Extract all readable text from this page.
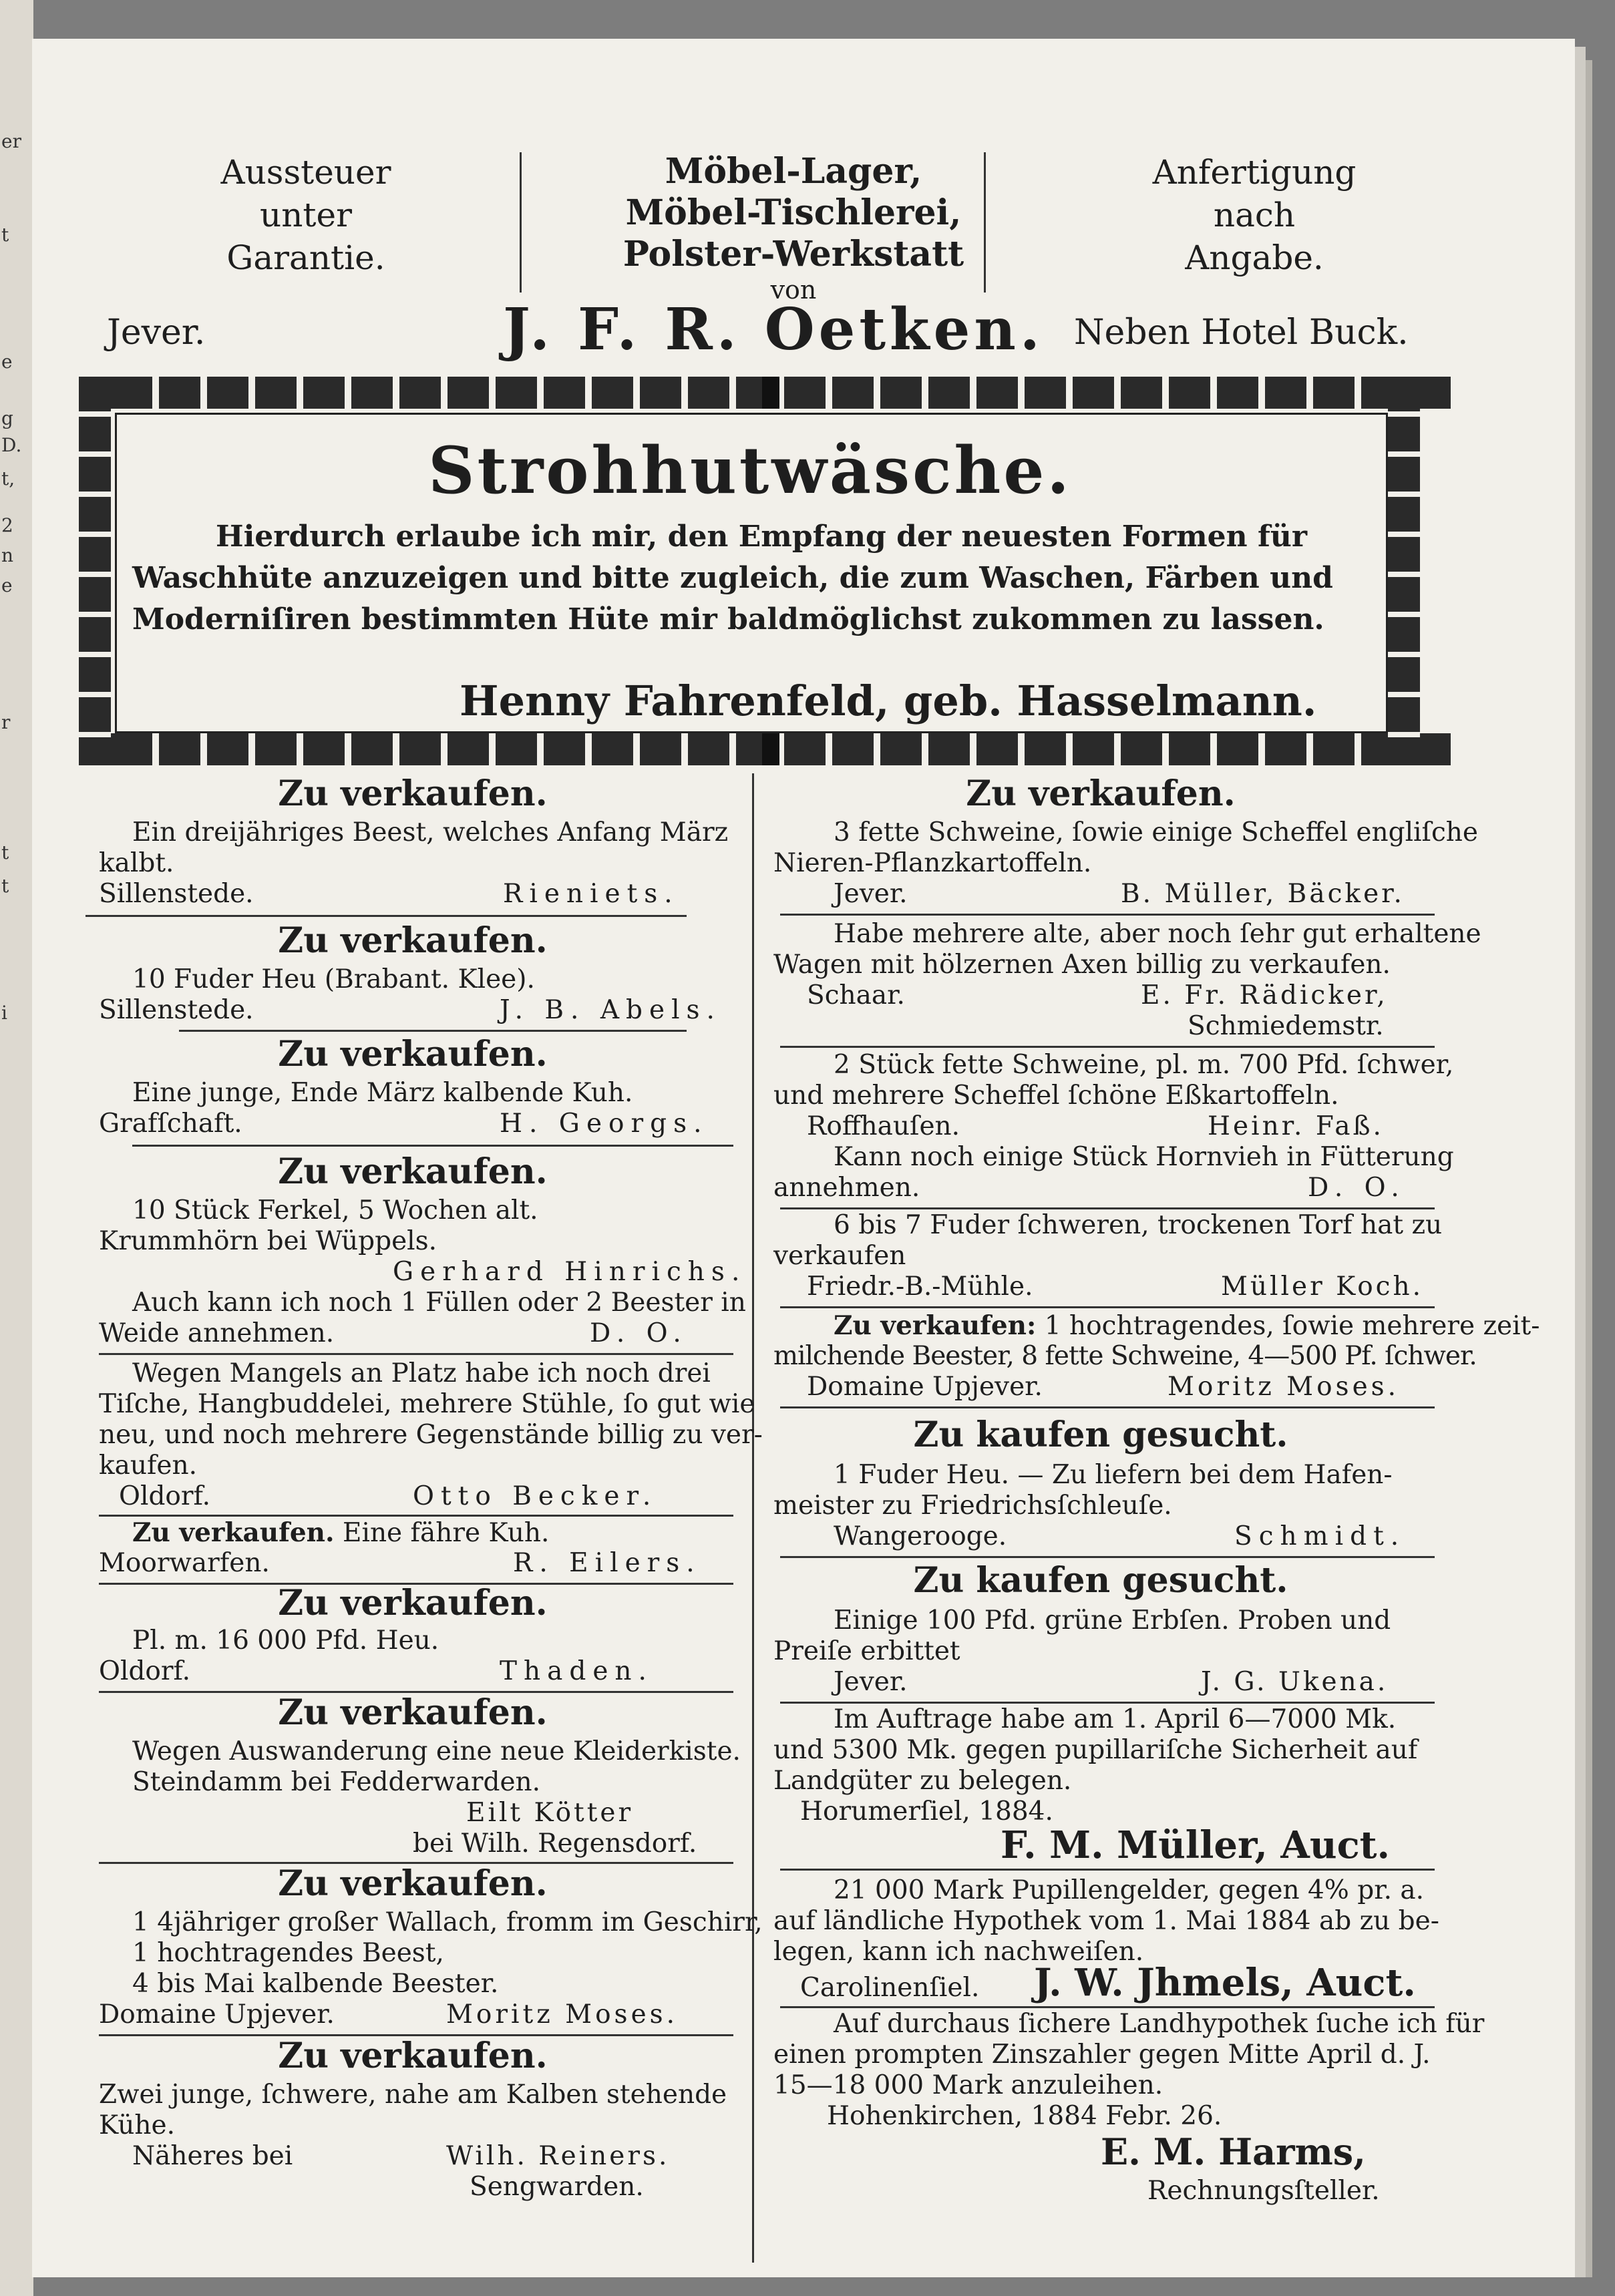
er
t
e
g
D.
t,
2
n
e
r
t
t
i
Aussteuer
unter
Garantie.
Möbel-Lager,
Möbel-Tischlerei,
Polster-Werkstatt
von
Anfertigung
nach
Angabe.
Jever.	J. F. R. Oetken. Neben Hotel Buck.
Strohhutwäsche.
Hierdurch erlaube ich mir, den Empfang der neuesten Formen für
Waschhüte anzuzeigen und bitte zugleich, die zum Waschen, Färben und
Moderniſiren bestimmten Hüte mir baldmöglichst zukommen zu lassen.
Henny Fahrenfeld, geb. Hasselmann.
Zu verkaufen.
Ein dreijähriges Beest, welches Anfang März
kalbt.
Sillenstede.	Rieniets.
Zu verkaufen.
10 Fuder Heu (Brabant. Klee).
Sillenstede.	J. B. Abels.
Zu verkaufen.
Eine junge, Ende März kalbende Kuh.
Grafſchaft.	H. Georgs.
Zu verkaufen.
10 Stück Ferkel, 5 Wochen alt.
Krummhörn bei Wüppels.
Gerhard Hinrichs.
Auch kann ich noch 1 Füllen oder 2 Beester in
Weide annehmen.	D. O.
Wegen Mangels an Platz habe ich noch drei
Tiſche, Hangbuddelei, mehrere Stühle, ſo gut wie
neu, und noch mehrere Gegenstände billig zu ver-
kaufen.
Oldorf.	Otto Becker.
Zu verkaufen. Eine fähre Kuh.
Moorwarfen.	R. Eilers.
Zu verkaufen.
Pl. m. 16 000 Pfd. Heu.
Oldorf.	Thaden.
Zu verkaufen.
Wegen Auswanderung eine neue Kleiderkiste.
Steindamm bei Fedderwarden.
Eilt Kötter
bei Wilh. Regensdorf.
Zu verkaufen.
1 4jähriger großer Wallach, fromm im Geschirr,
1 hochtragendes Beest,
4 bis Mai kalbende Beester.
Domaine Upjever.	Moritz Moses.
Zu verkaufen.
Zwei junge, ſchwere, nahe am Kalben stehende
Kühe.
Näheres bei	Wilh. Reiners.
Sengwarden.
Zu verkaufen.
3 fette Schweine, ſowie einige Scheffel engliſche
Nieren-Pflanzkartoffeln.
Jever.	B. Müller, Bäcker.
Habe mehrere alte, aber noch ſehr gut erhaltene
Wagen mit hölzernen Axen billig zu verkaufen.
Schaar.	E. Fr. Rädicker,
Schmiedemstr.
2 Stück fette Schweine, pl. m. 700 Pfd. ſchwer,
und mehrere Scheffel ſchöne Eßkartoffeln.
Roffhauſen.	Heinr. Faß.
Kann noch einige Stück Hornvieh in Fütterung
annehmen.	D. O.
6 bis 7 Fuder ſchweren, trockenen Torf hat zu
verkaufen
Friedr.-B.-Mühle.	Müller Koch.
Zu verkaufen: 1 hochtragendes, ſowie mehrere zeit-
milchende Beester, 8 fette Schweine, 4—500 Pf. ſchwer.
Domaine Upjever.	Moritz Moses.
Zu kaufen gesucht.
1 Fuder Heu. — Zu liefern bei dem Hafen-
meister zu Friedrichsſchleuſe.
Wangerooge.	Schmidt.
Zu kaufen gesucht.
Einige 100 Pfd. grüne Erbſen. Proben und
Preiſe erbittet
Jever.	J. G. Ukena.
Im Auftrage habe am 1. April 6—7000 Mk.
und 5300 Mk. gegen pupillariſche Sicherheit auf
Landgüter zu belegen.
Horumerſiel, 1884.
F. M. Müller, Auct.
21 000 Mark Pupillengelder, gegen 4% pr. a.
auf ländliche Hypothek vom 1. Mai 1884 ab zu be-
legen, kann ich nachweiſen.
Carolinenſiel. J. W. Jhmels, Auct.
Auf durchaus ſichere Landhypothek ſuche ich für
einen prompten Zinszahler gegen Mitte April d. J.
15—18 000 Mark anzuleihen.
Hohenkirchen, 1884 Febr. 26.
E. M. Harms,
Rechnungsſteller.
